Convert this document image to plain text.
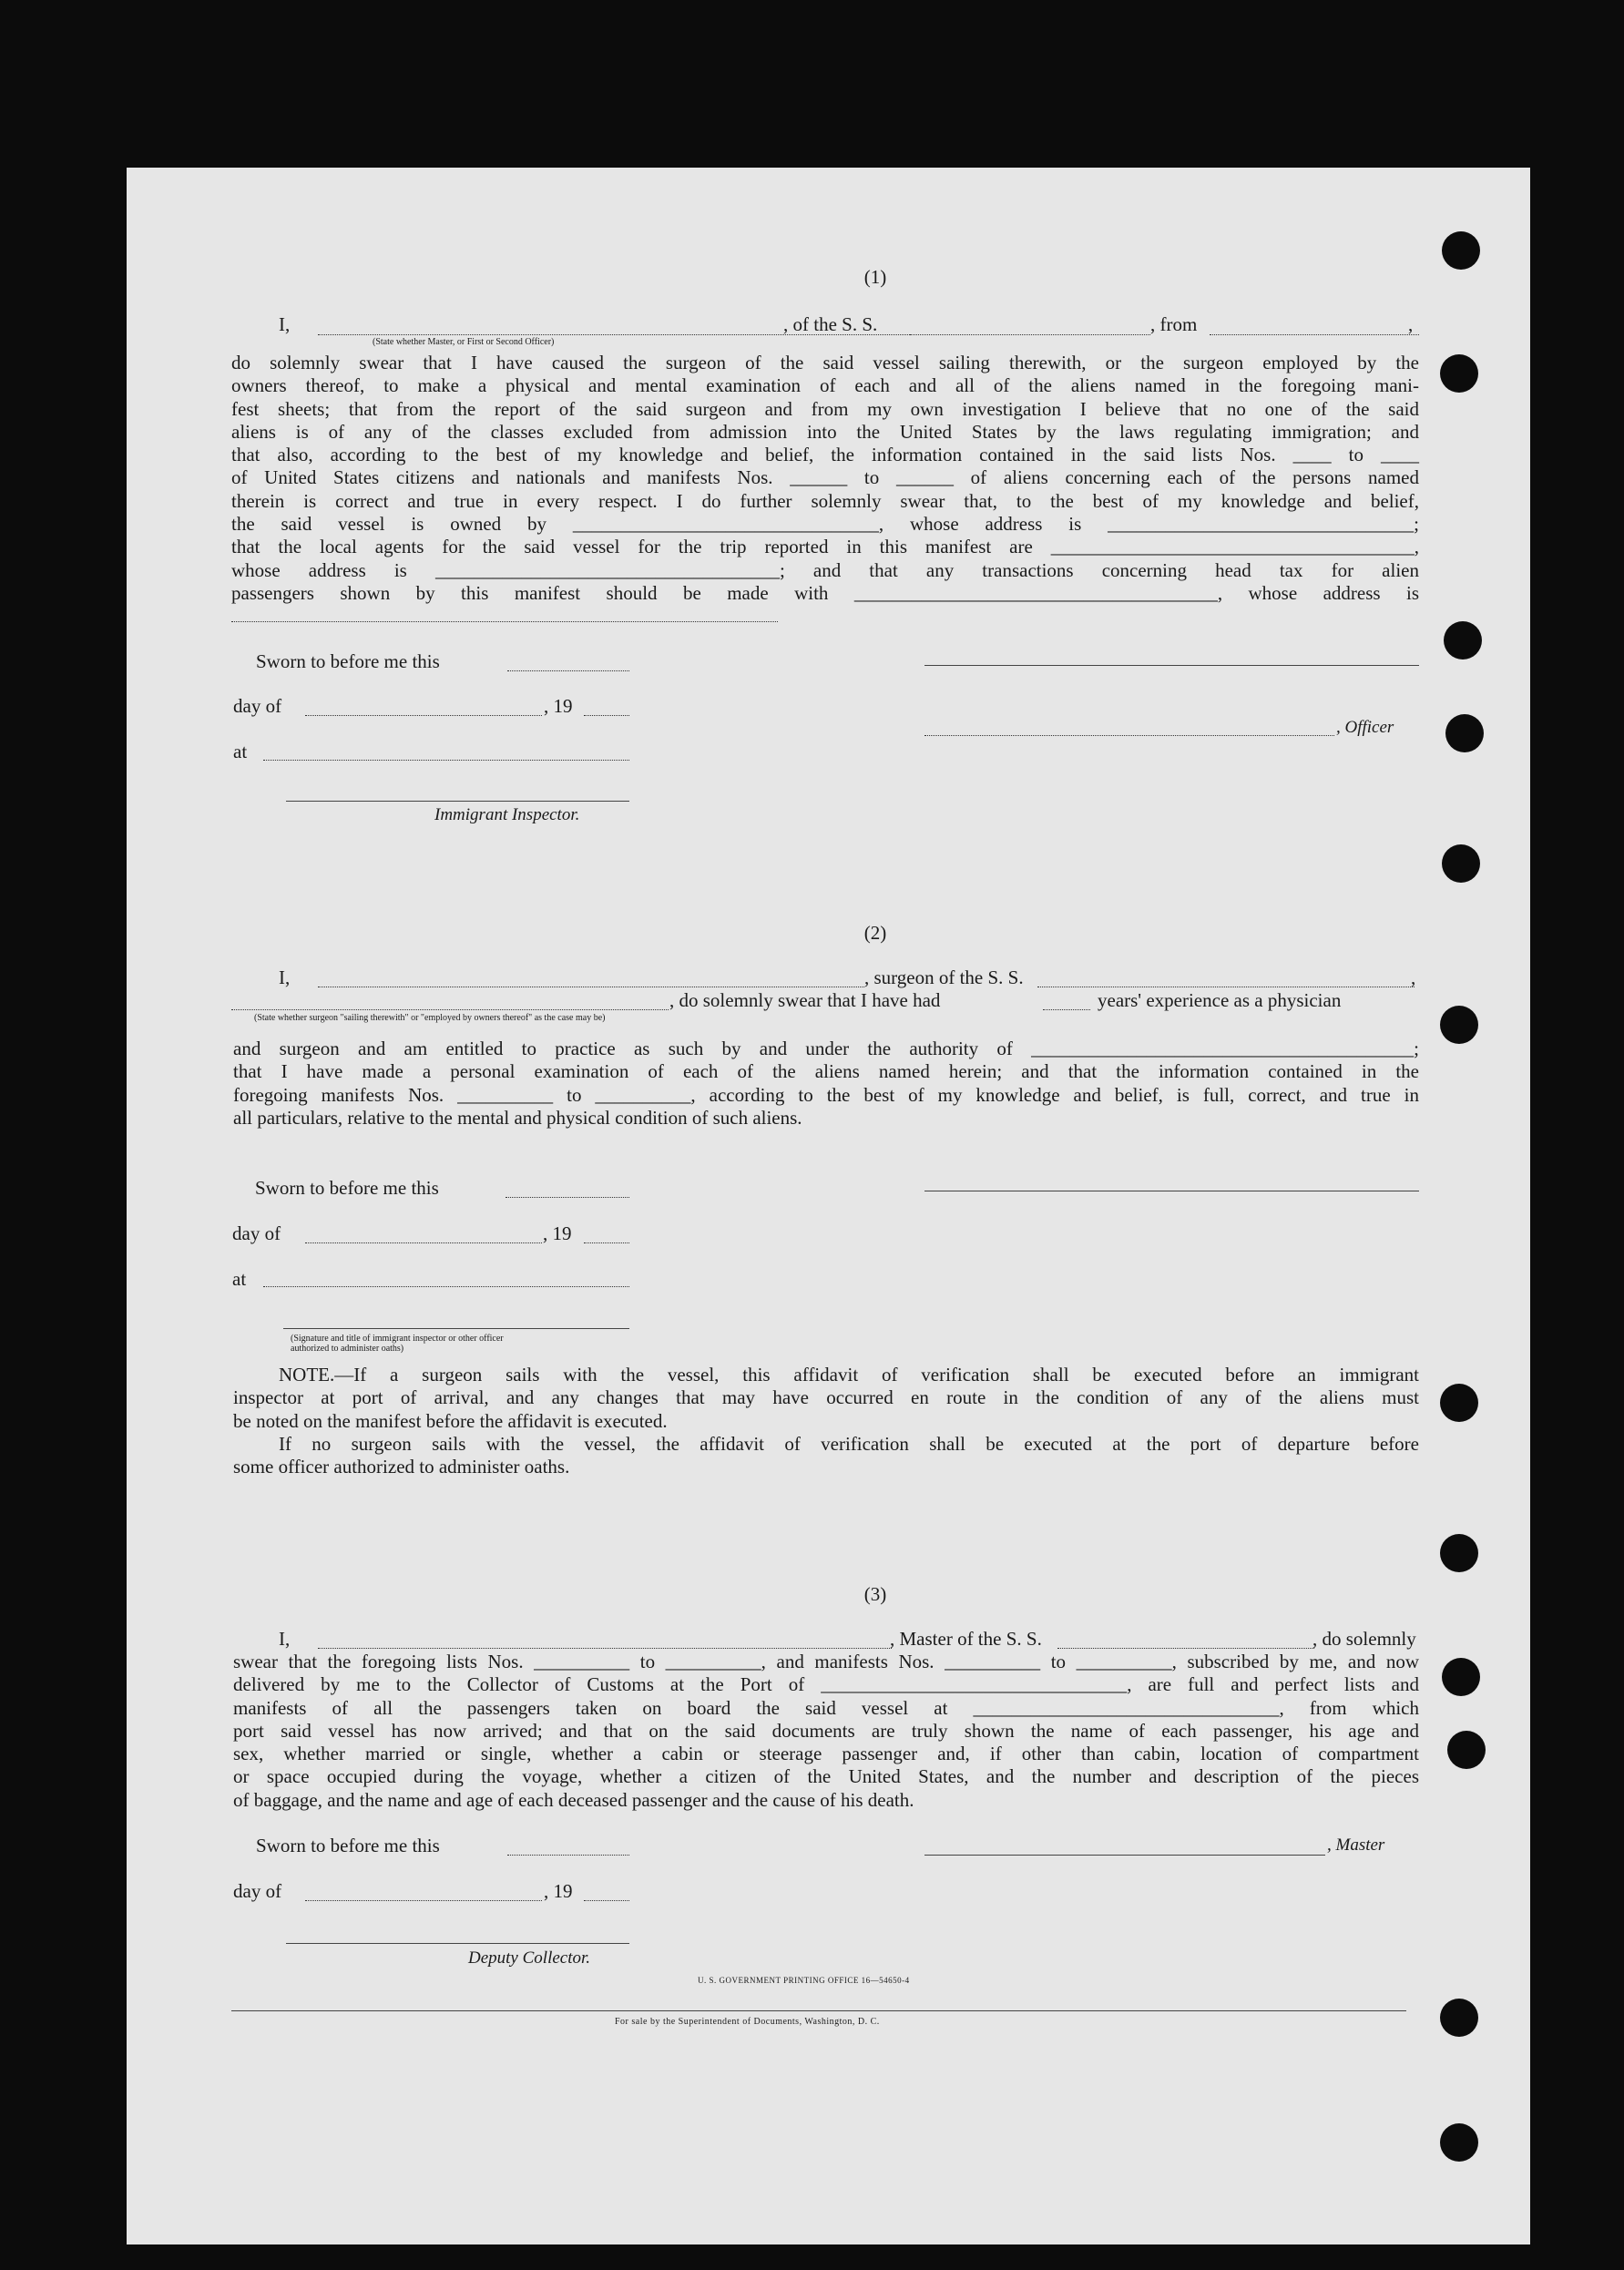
(1)
I,
(State whether Master, or First or Second Officer)
, of the S. S.	, from	,
do solemnly swear that I have caused the surgeon of the said vessel sailing therewith, or the surgeon employed by the
owners thereof, to make a physical and mental examination of each and all of the aliens named in the foregoing mani-
fest sheets; that from the report of the said surgeon and from my own investigation I believe that no one of the said
aliens is of any of the classes excluded from admission into the United States by the laws regulating immigration; and
that also, according to the best of my knowledge and belief, the information contained in the said lists Nos. ____ to ____
of United States citizens and nationals and manifests Nos. ______ to ______ of aliens concerning each of the persons named
therein is correct and true in every respect. I do further solemnly swear that, to the best of my knowledge and belief,
the said vessel is owned by ________________________________, whose address is ________________________________;
that the local agents for the said vessel for the trip reported in this manifest are ______________________________________,
whose address is ____________________________________; and that any transactions concerning head tax for alien
passengers shown by this manifest should be made with ______________________________________, whose address is
Sworn to before me this
day of	, 19
, Officer
at
Immigrant Inspector.
(2)
I,	, surgeon of the S. S.	,
, do solemnly swear that I have had	years' experience as a physician
(State whether surgeon "sailing therewith" or "employed by owners thereof" as the case may be)
and surgeon and am entitled to practice as such by and under the authority of ________________________________________;
that I have made a personal examination of each of the aliens named herein; and that the information contained in the
foregoing manifests Nos. __________ to __________, according to the best of my knowledge and belief, is full, correct, and true in
all particulars, relative to the mental and physical condition of such aliens.
Sworn to before me this
day of	, 19
at
(Signature and title of immigrant inspector or other officer authorized to administer oaths)
NOTE.—If a surgeon sails with the vessel, this affidavit of verification shall be executed before an immigrant
inspector at port of arrival, and any changes that may have occurred en route in the condition of any of the aliens must
be noted on the manifest before the affidavit is executed.
If no surgeon sails with the vessel, the affidavit of verification shall be executed at the port of departure before
some officer authorized to administer oaths.
(3)
I,	, Master of the S. S.	, do solemnly
swear that the foregoing lists Nos. __________ to __________, and manifests Nos. __________ to __________, subscribed by me, and now
delivered by me to the Collector of Customs at the Port of ________________________________, are full and perfect lists and
manifests of all the passengers taken on board the said vessel at ________________________________, from which
port said vessel has now arrived; and that on the said documents are truly shown the name of each passenger, his age and
sex, whether married or single, whether a cabin or steerage passenger and, if other than cabin, location of compartment
or space occupied during the voyage, whether a citizen of the United States, and the number and description of the pieces
of baggage, and the name and age of each deceased passenger and the cause of his death.
Sworn to before me this	, Master
day of	, 19
Deputy Collector.
U. S. GOVERNMENT PRINTING OFFICE 16—54650-4
For sale by the Superintendent of Documents, Washington, D. C.
